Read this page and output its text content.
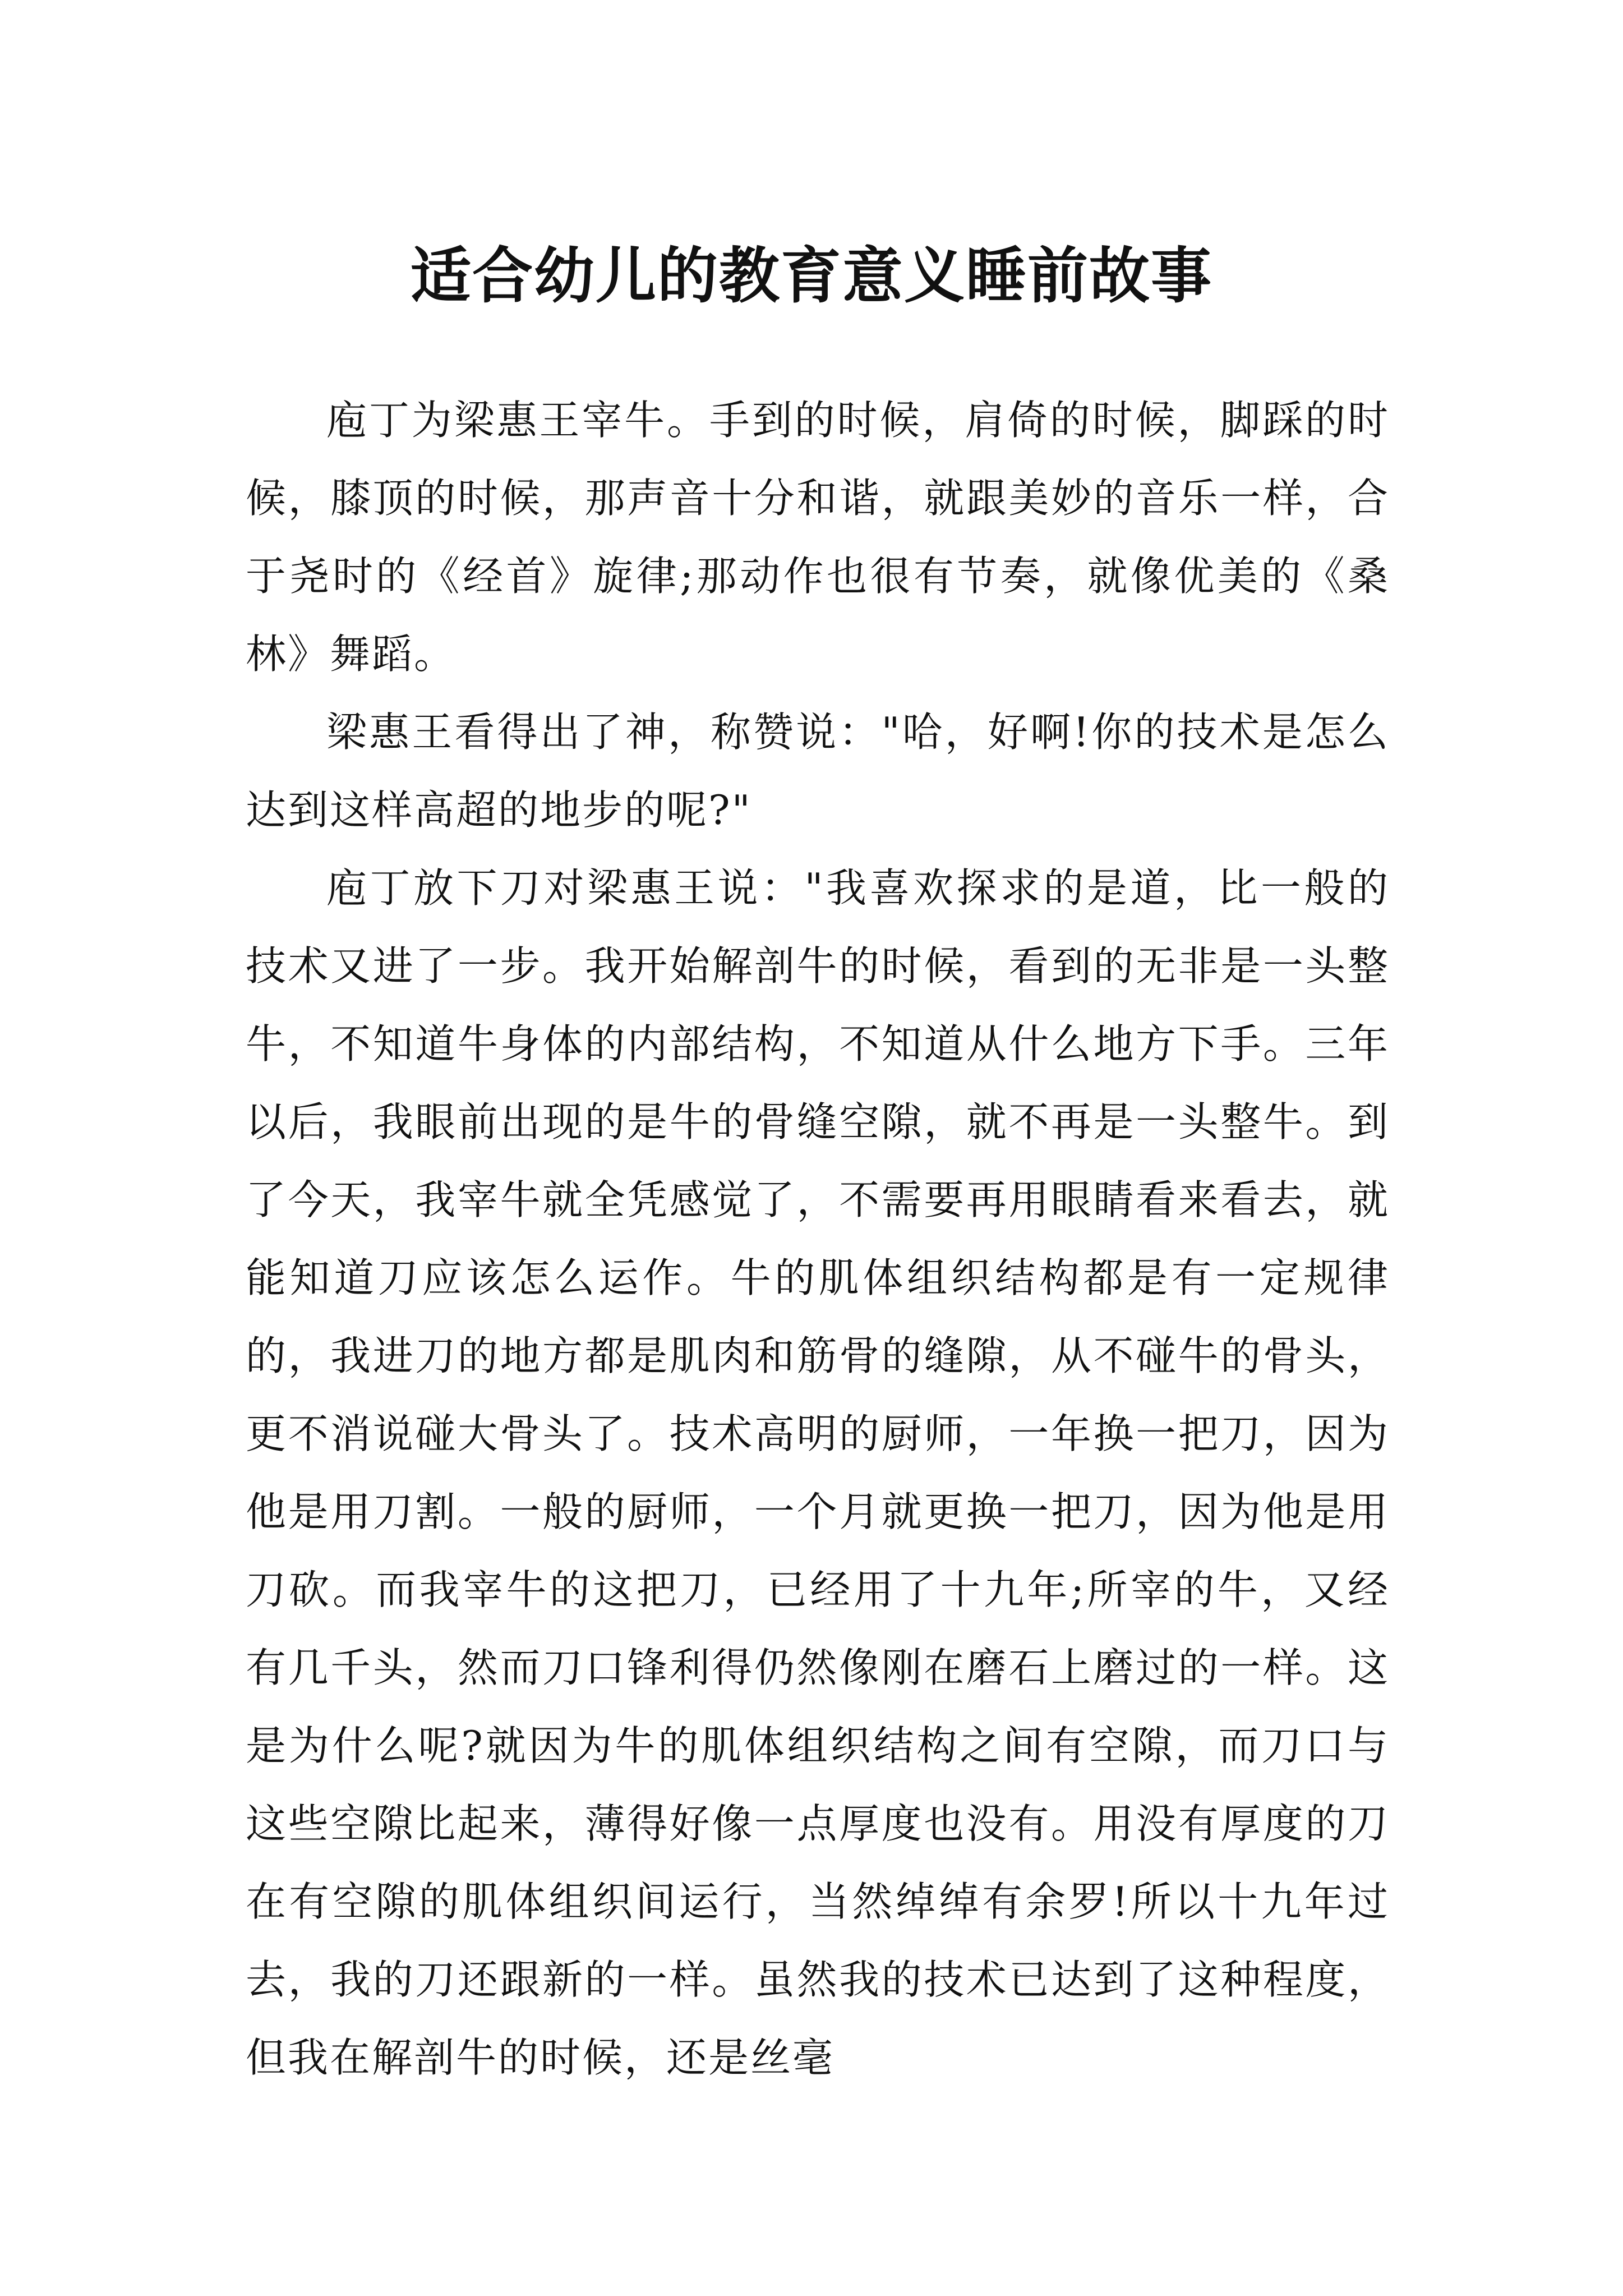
适合幼儿的教育意义睡前故事

庖丁为梁惠王宰牛。手到的时候，肩倚的时候，脚踩的时候，膝顶的时候，那声音十分和谐，就跟美妙的音乐一样，合于尧时的《经首》旋律;那动作也很有节奏，就像优美的《桑林》舞蹈。

梁惠王看得出了神，称赞说："哈，好啊!你的技术是怎么达到这样高超的地步的呢?"

庖丁放下刀对梁惠王说："我喜欢探求的是道，比一般的技术又进了一步。我开始解剖牛的时候，看到的无非是一头整牛，不知道牛身体的内部结构，不知道从什么地方下手。三年以后，我眼前出现的是牛的骨缝空隙，就不再是一头整牛。到了今天，我宰牛就全凭感觉了，不需要再用眼睛看来看去，就能知道刀应该怎么运作。牛的肌体组织结构都是有一定规律的，我进刀的地方都是肌肉和筋骨的缝隙，从不碰牛的骨头，更不消说碰大骨头了。技术高明的厨师，一年换一把刀，因为他是用刀割。一般的厨师，一个月就更换一把刀，因为他是用刀砍。而我宰牛的这把刀，已经用了十九年;所宰的牛，又经有几千头，然而刀口锋利得仍然像刚在磨石上磨过的一样。这是为什么呢?就因为牛的肌体组织结构之间有空隙，而刀口与这些空隙比起来，薄得好像一点厚度也没有。用没有厚度的刀在有空隙的肌体组织间运行，当然绰绰有余罗!所以十九年过去，我的刀还跟新的一样。虽然我的技术已达到了这种程度，但我在解剖牛的时候，还是丝毫
